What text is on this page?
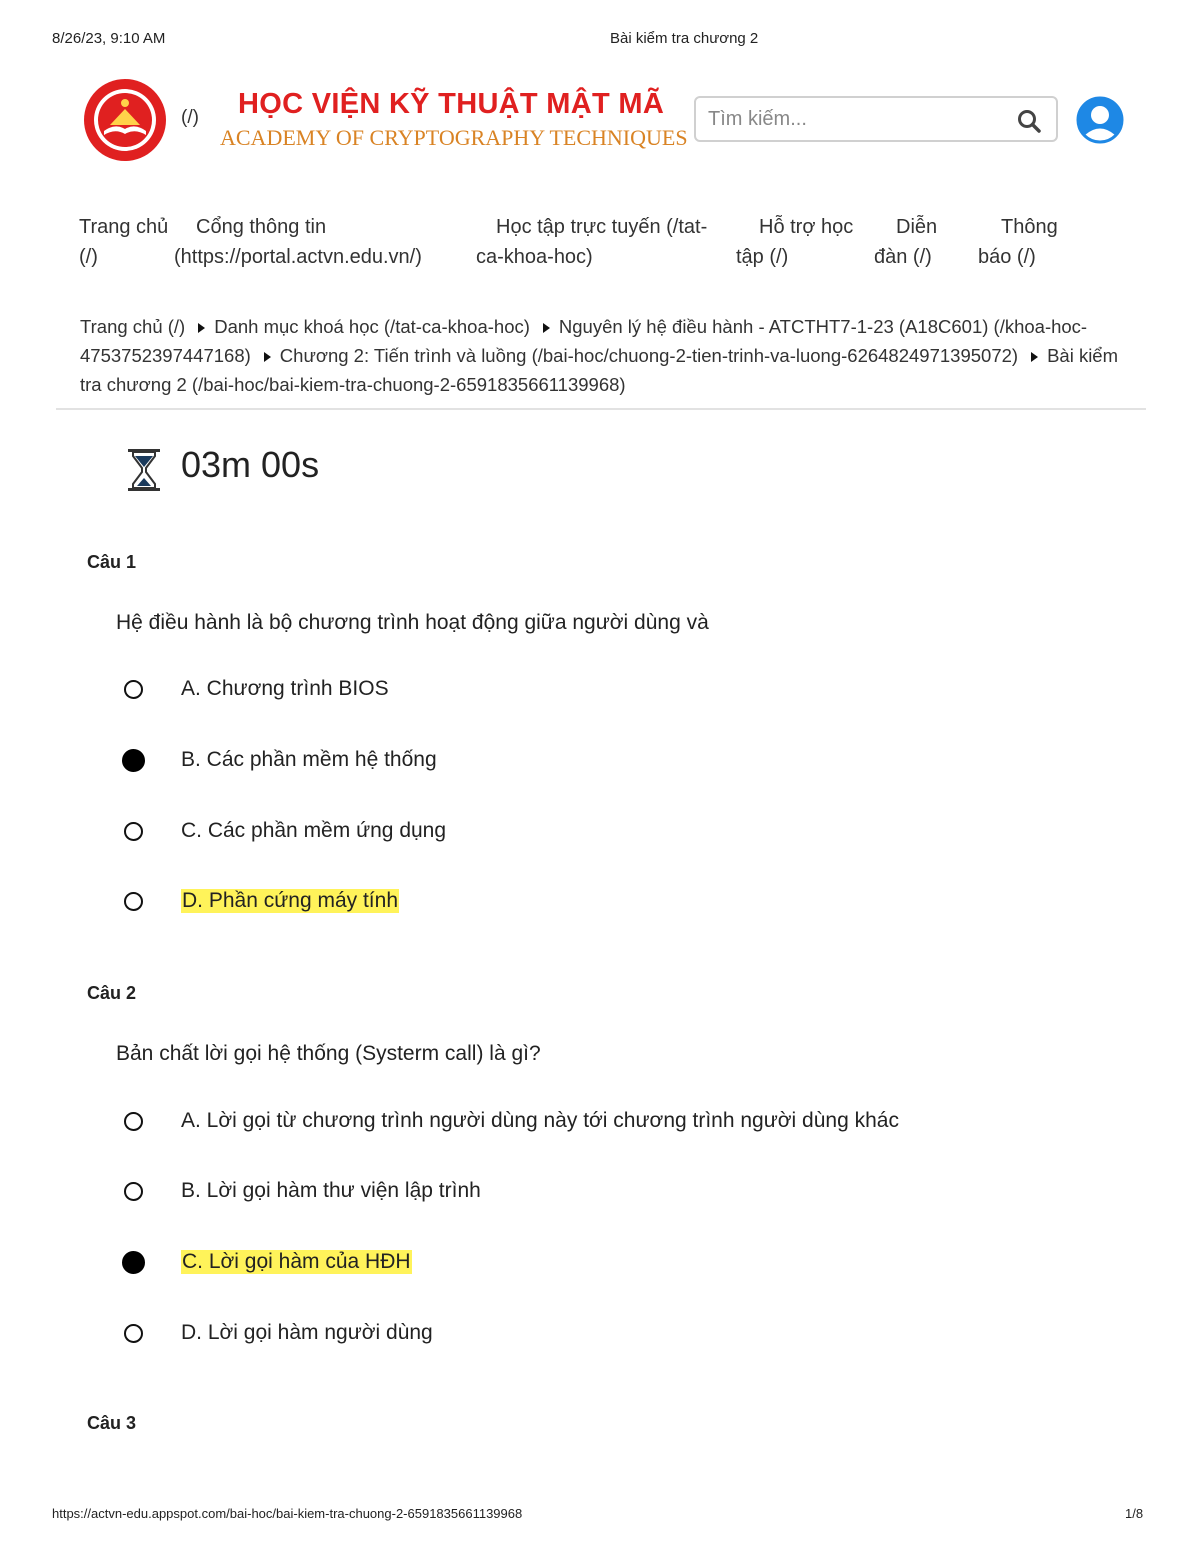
8/26/23, 9:10 AM	Bài kiểm tra chương 2
(/) HỌC VIỆN KỸ THUẬT MẬT MÃ
ACADEMY OF CRYPTOGRAPHY TECHNIQUES
Tìm kiếm...
Trang chủ
(/)
Cổng thông tin
(https://portal.actvn.edu.vn/)
Học tập trực tuyến (/tat-
ca-khoa-hoc)
Hỗ trợ học
tập (/)
Diễn
đàn (/)
Thông
báo (/)
Trang chủ (/) Danh mục khoá học (/tat-ca-khoa-hoc) Nguyên lý hệ điều hành - ATCTHT7-1-23 (A18C601) (/khoa-hoc-4753752397447168) Chương 2: Tiến trình và luồng (/bai-hoc/chuong-2-tien-trinh-va-luong-6264824971395072) Bài kiểm tra chương 2 (/bai-hoc/bai-kiem-tra-chuong-2-6591835661139968)
03m 00s
Câu 1
Hệ điều hành là bộ chương trình hoạt động giữa người dùng và
A. Chương trình BIOS
B. Các phần mềm hệ thống
C. Các phần mềm ứng dụng
D. Phần cứng máy tính
Câu 2
Bản chất lời gọi hệ thống (Systerm call) là gì?
A. Lời gọi từ chương trình người dùng này tới chương trình người dùng khác
B. Lời gọi hàm thư viện lập trình
C. Lời gọi hàm của HĐH
D. Lời gọi hàm người dùng
Câu 3
https://actvn-edu.appspot.com/bai-hoc/bai-kiem-tra-chuong-2-6591835661139968	1/8
